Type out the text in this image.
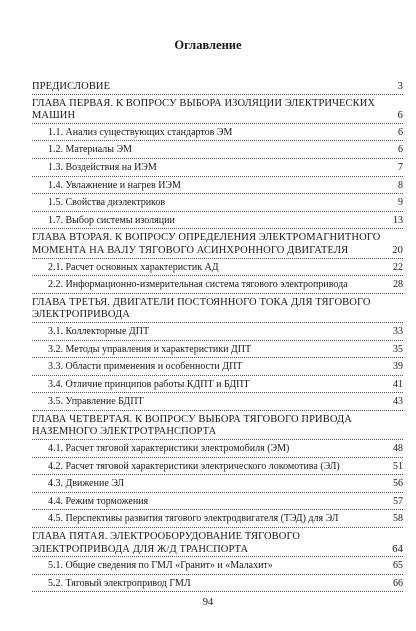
Оглавление
ПРЕДИСЛОВИЕ	3
ГЛАВА ПЕРВАЯ. К ВОПРОСУ ВЫБОРА ИЗОЛЯЦИИ ЭЛЕКТРИЧЕСКИХ МАШИН	6
1.1. Анализ существующих стандартов ЭМ	6
1.2. Материалы ЭМ	6
1.3. Воздействия на ИЭМ	7
1.4. Увлажнение и нагрев ИЭМ	8
1.5. Свойства диэлектриков	9
1.7. Выбор системы изоляции	13
ГЛАВА ВТОРАЯ. К ВОПРОСУ ОПРЕДЕЛЕНИЯ ЭЛЕКТРОМАГНИТНОГО МОМЕНТА НА ВАЛУ ТЯГОВОГО АСИНХРОННОГО ДВИГАТЕЛЯ	20
2.1. Расчет основных характеристик АД	22
2.2. Информационно-измерительная система тягового электропривода	28
ГЛАВА ТРЕТЬЯ. ДВИГАТЕЛИ ПОСТОЯННОГО ТОКА ДЛЯ ТЯГОВОГО ЭЛЕКТРОПРИВОДА
3.1. Коллекторные ДПТ	33
3.2. Методы управления и характеристики ДПТ	35
3.3. Области применения и особенности ДПТ	39
3.4. Отличие принципов работы КДПТ и БДПТ	41
3.5. Управление БДПТ	43
ГЛАВА ЧЕТВЕРТАЯ. К ВОПРОСУ ВЫБОРА ТЯГОВОГО ПРИВОДА НАЗЕМНОГО ЭЛЕКТРОТРАНСПОРТА
4.1. Расчет тяговой характеристики электромобиля (ЭМ)	48
4.2. Расчет тяговой характеристики электрического локомотива (ЭЛ)	51
4.3. Движение ЭЛ	56
4.4. Режим торможения	57
4.5. Перспективы развития тягового электродвигателя (ТЭД) для ЭЛ	58
ГЛАВА ПЯТАЯ. ЭЛЕКТРООБОРУДОВАНИЕ ТЯГОВОГО ЭЛЕКТРОПРИВОДА ДЛЯ Ж/Д ТРАНСПОРТА	64
5.1. Общие сведения по ГМЛ «Гранит» и «Малахит»	65
5.2. Тяговый электропривод ГМЛ	66
94
